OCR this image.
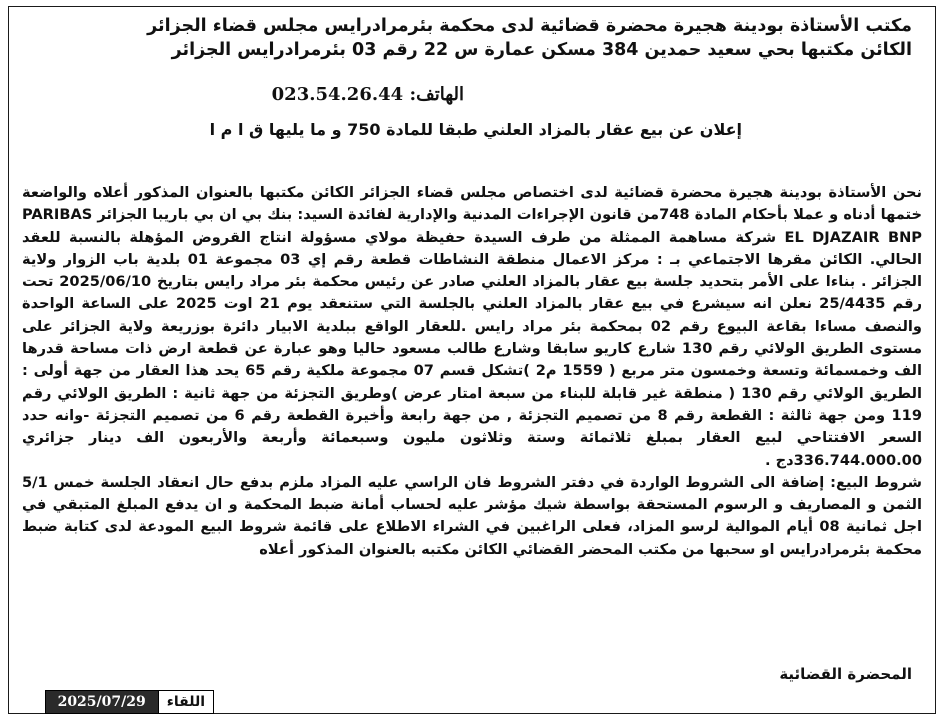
مكتب الأستاذة بودينة هجيرة محضرة قضائية لدى محكمة بئرمرادرايس مجلس قضاء الجزائر
الكائن مكتبها بحي سعيد حمدين 384 مسكن عمارة س 22 رقم 03 بئرمرادرايس الجزائر
الهاتف: 023.54.26.44
إعلان عن بيع عقار بالمزاد العلني طبقا للمادة 750 و ما يليها ق ا م ا

نحن الأستاذة بودينة هجيرة محضرة قضائية لدى اختصاص مجلس قضاء الجزائر الكائن مكتبها بالعنوان المذكور أعلاه والواضعة ختمها أدناه و عملا بأحكام المادة 748من قانون الإجراءات المدنية والإدارية لفائدة السيد: بنك بي ان بي باريبا الجزائر PARIBAS EL DJAZAIR BNP شركة مساهمة الممثلة من طرف السيدة حفيظة مولاي مسؤولة انتاج القروض المؤهلة بالنسبة للعقد الحالي. الكائن مقرها الاجتماعي بـ : مركز الاعمال منطقة النشاطات قطعة رقم إي 03 مجموعة 01 بلدية باب الزوار ولاية الجزائر . بناءا على الأمر بتحديد جلسة بيع عقار بالمزاد العلني صادر عن رئيس محكمة بئر مراد رايس بتاريخ 2025/06/10 تحت رقم 25/4435 نعلن انه سيشرع في بيع عقار بالمزاد العلني بالجلسة التي ستنعقد يوم 21 اوت 2025 على الساعة الواحدة والنصف مساءا بقاعة البيوع رقم 02 بمحكمة بئر مراد رايس .للعقار الواقع ببلدية الابيار دائرة بوزريعة ولاية الجزائر على مستوى الطريق الولائي رقم 130 شارع كاريو سابقا وشارع طالب مسعود حاليا وهو عبارة عن قطعة ارض ذات مساحة قدرها الف وخمسمائة وتسعة وخمسون متر مربع ( 1559 م2 )تشكل قسم 07 مجموعة ملكية رقم 65 يحد هذا العقار من جهة أولى : الطريق الولائي رقم 130 ( منطقة غير قابلة للبناء من سبعة امتار عرض )وطريق التجزئة من جهة ثانية : الطريق الولائي رقم 119 ومن جهة ثالثة : القطعة رقم 8 من تصميم التجزئة , من جهة رابعة وأخيرة القطعة رقم 6 من تصميم التجزئة -وانه حدد السعر الافتتاحي لبيع العقار بمبلغ ثلاثمائة وستة وثلاثون مليون وسبعمائة وأربعة والأربعون الف دينار جزائري 336.744.000.00دج .

شروط البيع: إضافة الى الشروط الواردة في دفتر الشروط فان الراسي عليه المزاد ملزم بدفع حال انعقاد الجلسة خمس 5/1 الثمن و المصاريف و الرسوم المستحقة بواسطة شيك مؤشر عليه لحساب أمانة ضبط المحكمة و ان يدفع المبلغ المتبقي في اجل ثمانية 08 أيام الموالية لرسو المزاد، فعلى الراغبين في الشراء الاطلاع على قائمة شروط البيع المودعة لدى كتابة ضبط محكمة بئرمرادرايس او سحبها من مكتب المحضر القضائي الكائن مكتبه بالعنوان المذكور أعلاه

المحضرة القضائية
2025/07/29	اللقاء
